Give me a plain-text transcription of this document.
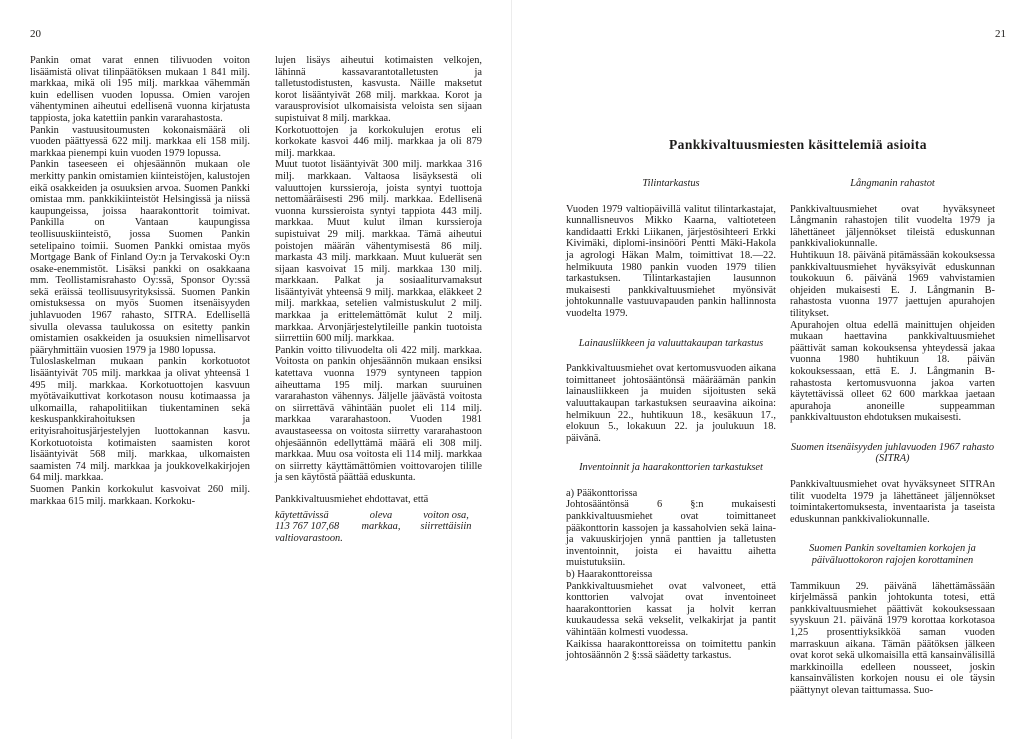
20

Pankin omat varat ennen tilivuoden voiton lisäämistä olivat tilinpäätöksen mukaan 1 841 milj. markkaa, mikä oli 195 milj. markkaa vähemmän kuin edellisen vuoden lopussa. Omien varojen vähentyminen aiheutui edellisenä vuonna kirjatusta tappiosta, joka katettiin pankin vararahastosta.

Pankin vastuusitoumusten kokonaismäärä oli vuoden päättyessä 622 milj. markkaa eli 158 milj. markkaa pienempi kuin vuoden 1979 lopussa.

Pankin taseeseen ei ohjesäännön mukaan ole merkitty pankin omistamien kiinteistöjen, kalustojen eikä osakkeiden ja osuuksien arvoa. Suomen Pankki omistaa mm. pankkikiinteistöt Helsingissä ja niissä kaupungeissa, joissa haarakonttorit toimivat. Pankilla on Vantaan kaupungissa teollisuuskiinteistö, jossa Suomen Pankin setelipaino toimii. Suomen Pankki omistaa myös Mortgage Bank of Finland Oy:n ja Tervakoski Oy:n osake-enemmistöt. Lisäksi pankki on osakkaana mm. Teollistamisrahasto Oy:ssä, Sponsor Oy:ssä sekä eräissä teollisuusyrityksissä. Suomen Pankin omistuksessa on myös Suomen itsenäisyyden juhlavuoden 1967 rahasto, SITRA. Edellisellä sivulla olevassa taulukossa on esitetty pankin omistamien osakkeiden ja osuuksien nimellisarvot pääryhmittäin vuosien 1979 ja 1980 lopussa.

Tuloslaskelman mukaan pankin korkotuotot lisääntyivät 705 milj. markkaa ja olivat yhteensä 1 495 milj. markkaa. Korkotuottojen kasvuun myötävaikuttivat korkotason nousu kotimaassa ja ulkomailla, rahapolitiikan tiukentaminen sekä keskuspankkirahoituksen ja erityisrahoitusjärjestelyjen luottokannan kasvu. Korkotuotoista kotimaisten saamisten korot lisääntyivät 568 milj. markkaa, ulkomaisten saamisten 74 milj. markkaa ja joukkovelkakirjojen 64 milj. markkaa.

Suomen Pankin korkokulut kasvoivat 260 milj. markkaa 615 milj. markkaan. Korkoku-

lujen lisäys aiheutui kotimaisten velkojen, lähinnä kassavarantotalletusten ja talletustodistusten, kasvusta. Näille maksetut korot lisääntyivät 268 milj. markkaa. Korot ja varausprovisiot ulkomaisista veloista sen sijaan supistuivat 8 milj. markkaa.

Korkotuottojen ja korkokulujen erotus eli korkokate kasvoi 446 milj. markkaa ja oli 879 milj. markkaa.

Muut tuotot lisääntyivät 300 milj. markkaa 316 milj. markkaan. Valtaosa lisäyksestä oli valuuttojen kurssieroja, joista syntyi tuottoja nettomääräisesti 296 milj. markkaa. Edellisenä vuonna kurssieroista syntyi tappiota 443 milj. markkaa. Muut kulut ilman kurssieroja supistuivat 29 milj. markkaa. Tämä aiheutui poistojen määrän vähentymisestä 86 milj. markasta 43 milj. markkaan. Muut kuluerät sen sijaan kasvoivat 15 milj. markkaa 130 milj. markkaan. Palkat ja sosiaaliturvamaksut lisääntyivät yhteensä 9 milj. markkaa, eläkkeet 2 milj. markkaa, setelien valmistuskulut 2 milj. markkaa ja erittelemättömät kulut 2 milj. markkaa. Arvonjärjestelytileille pankin tuotoista siirrettiin 600 milj. markkaa.

Pankin voitto tilivuodelta oli 422 milj. markkaa. Voitosta on pankin ohjesäännön mukaan ensiksi katettava vuonna 1979 syntyneen tappion aiheuttama 195 milj. markan suuruinen vararahaston vähennys. Jäljelle jäävästä voitosta on siirrettävä vähintään puolet eli 114 milj. markkaa vararahastoon. Vuoden 1981 avaustaseessa on voitosta siirretty vararahastoon ohjesäännön edellyttämä määrä eli 308 milj. markkaa. Muu osa voitosta eli 114 milj. markkaa on siirretty käyttämättömien voittovarojen tilille ja sen käytöstä päättää eduskunta.

Pankkivaltuusmiehet ehdottavat, että

käytettävissä	oleva	voiton osa,
113 767 107,68	markkaa,	siirrettäisiin
valtiovarastoon.
21
Pankkivaltuusmiesten käsittelemiä asioita

Tilintarkastus

Vuoden 1979 valtiopäivillä valitut tilintarkastajat, kunnallisneuvos Mikko Kaarna, valtioteteen kandidaatti Erkki Liikanen, järjestösihteeri Erkki Kivimäki, diplomi-insinööri Pentti Mäki-Hakola ja agrologi Häkan Malm, toimittivat 18.—22. helmikuuta 1980 pankin vuoden 1979 tilien tarkastuksen. Tilintarkastajien lausunnon mukaisesti pankkivaltuusmiehet myönsivät johtokunnalle vastuuvapauden pankin hallinnosta vuodelta 1979.

Lainausliikkeen ja valuuttakaupan tarkastus

Pankkivaltuusmiehet ovat kertomusvuoden aikana toimittaneet johtosääntönsä määräämän pankin lainausliikkeen ja muiden sijoitusten sekä valuuttakaupan tarkastuksen seuraavina aikoina: helmikuun 22., huhtikuun 18., kesäkuun 17., elokuun 5., lokakuun 22. ja joulukuun 18. päivänä.

Inventoinnit ja haarakonttorien tarkastukset

a) Pääkonttorissa

Johtosääntönsä 6 §:n mukaisesti pankkivaltuusmiehet ovat toimittaneet pääkonttorin kassojen ja kassaholvien sekä laina- ja vakuuskirjojen ynnä panttien ja talletusten inventoinnit, joista ei havaittu aihetta muistutuksiin.

b) Haarakonttoreissa

Pankkivaltuusmiehet ovat valvoneet, että konttorien valvojat ovat inventoineet haarakonttorien kassat ja holvit kerran kuukaudessa sekä vekselit, velkakirjat ja pantit vähintään kolmesti vuodessa.

Kaikissa haarakonttoreissa on toimitettu pankin johtosäännön 2 §:ssä säädetty tarkastus.

Långmanin rahastot

Pankkivaltuusmiehet ovat hyväksyneet Långmanin rahastojen tilit vuodelta 1979 ja lähettäneet jäljennökset tileistä eduskunnan pankkivaliokunnalle.

Huhtikuun 18. päivänä pitämässään kokouksessa pankkivaltuusmiehet hyväksyivät eduskunnan toukokuun 6. päivänä 1969 vahvistamien ohjeiden mukaisesti E. J. Långmanin B-rahastosta vuonna 1977 jaettujen apurahojen tilitykset.

Apurahojen oltua edellä mainittujen ohjeiden mukaan haettavina pankkivaltuusmiehet päättivät saman kokouksensa yhteydessä jakaa vuonna 1980 huhtikuun 18. päivän kokouksessaan, että E. J. Långmanin B-rahastosta kertomusvuonna jakoa varten käytettävissä olleet 62 600 markkaa jaetaan apurahoja anoneille suppeamman pankkivaltuuston ehdotuksen mukaisesti.

Suomen itsenäisyyden juhlavuoden 1967 rahasto (SITRA)

Pankkivaltuusmiehet ovat hyväksyneet SITRAn tilit vuodelta 1979 ja lähettäneet jäljennökset toimintakertomuksesta, inventaarista ja taseista eduskunnan pankkivaliokunnalle.

Suomen Pankin soveltamien korkojen ja päiväluottokoron rajojen korottaminen

Tammikuun 29. päivänä lähettämässään kirjelmässä pankin johtokunta totesi, että pankkivaltuusmiehet päättivät kokouksessaan syyskuun 21. päivänä 1979 korottaa korkotasoa 1,25 prosenttiyksikköä saman vuoden marraskuun aikana. Tämän päätöksen jälkeen ovat korot sekä ulkomaisilla että kansainvälisillä markkinoilla edelleen nousseet, joskin kansainvälisten korkojen nousu ei ole täysin päättynyt olevan taittumassa. Suo-
